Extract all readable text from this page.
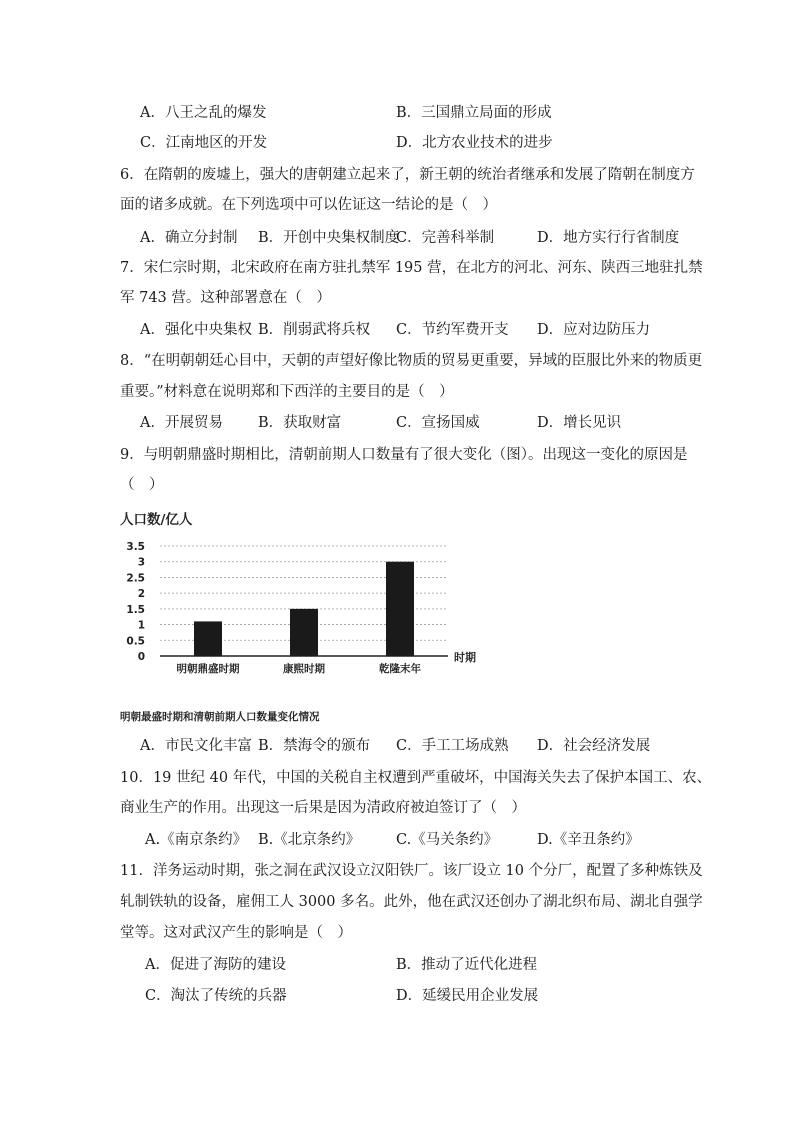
A．八王之乱的爆发	B．三国鼎立局面的形成
C．江南地区的开发	D．北方农业技术的进步
6．在隋朝的废墟上，强大的唐朝建立起来了，新王朝的统治者继承和发展了隋朝在制度方
面的诸多成就。在下列选项中可以佐证这一结论的是（　）
A．确立分封制 B．开创中央集权制度
C．完善科举制	D．地方实行行省制度
7．宋仁宗时期，北宋政府在南方驻扎禁军 195 营，在北方的河北、河东、陕西三地驻扎禁
军 743 营。这种部署意在（　）
A．强化中央集权 B．削弱武将兵权 C．节约军费开支 D．应对边防压力
8．“在明朝朝廷心目中，天朝的声望好像比物质的贸易更重要，异域的臣服比外来的物质更
重要。”材料意在说明郑和下西洋的主要目的是（　）
A．开展贸易 B．获取财富	C．宣扬国威	D．增长见识
9．与明朝鼎盛时期相比，清朝前期人口数量有了很大变化（图）。出现这一变化的原因是
（　）
人口数/亿人
0
0.5
1
1.5
2
2.5
3
3.5
明朝鼎盛时期	康熙时期	乾隆末年
时期
明朝最盛时期和清朝前期人口数量变化情况
A．市民文化丰富 B．禁海令的颁布 C．手工工场成熟 D．社会经济发展
10．19 世纪 40 年代，中国的关税自主权遭到严重破坏，中国海关失去了保护本国工、农、
商业生产的作用。出现这一后果是因为清政府被迫签订了（　）
A.《南京条约》 B.《北京条约》 C.《马关条约》	D.《辛丑条约》
11．洋务运动时期，张之洞在武汉设立汉阳铁厂。该厂设立 10 个分厂，配置了多种炼铁及
轧制铁轨的设备，雇佣工人 3000 多名。此外，他在武汉还创办了湖北织布局、湖北自强学
堂等。这对武汉产生的影响是（　）
A．促进了海防的建设	B．推动了近代化进程
C．淘汰了传统的兵器	D．延缓民用企业发展
